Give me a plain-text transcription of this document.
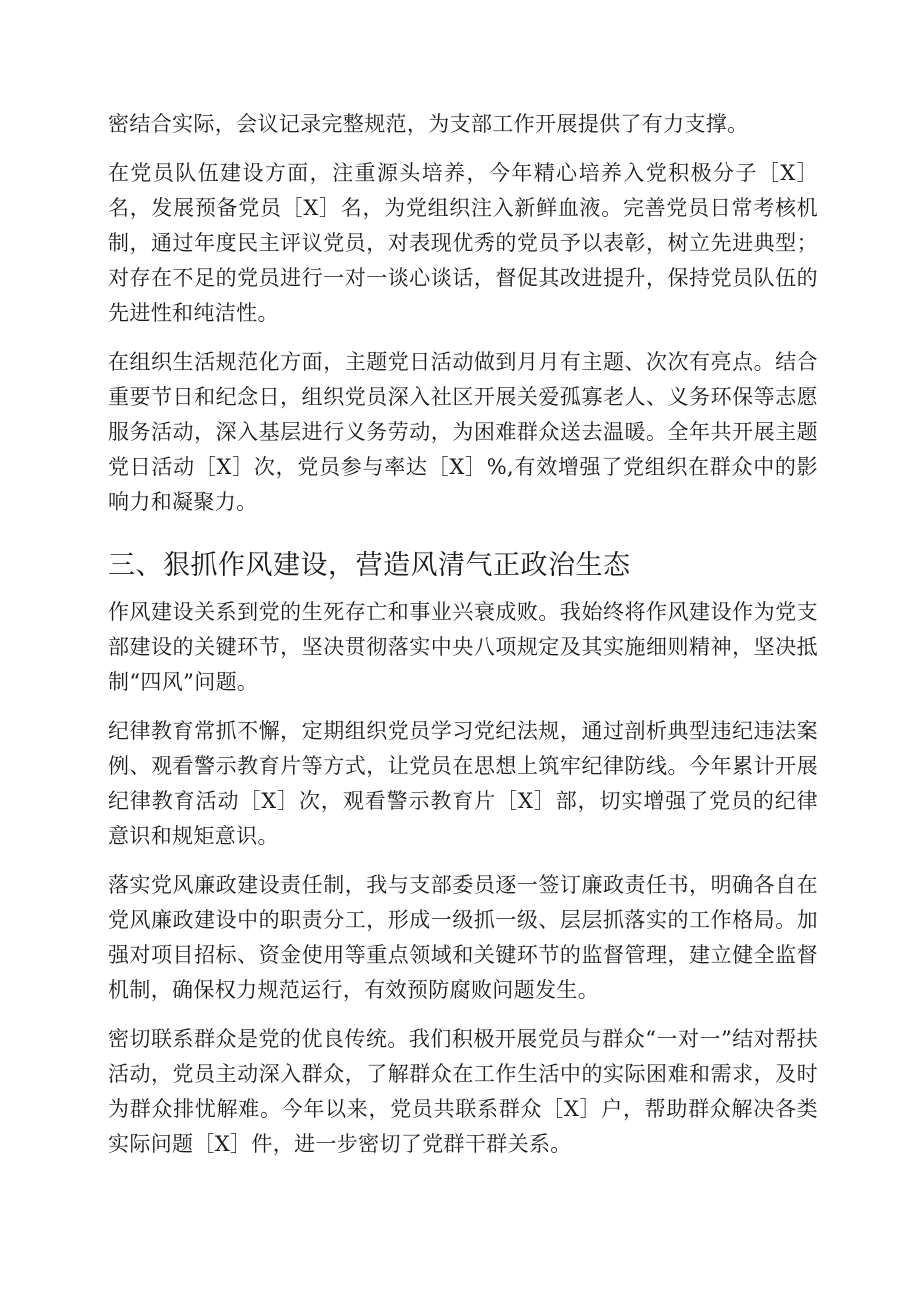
密结合实际，会议记录完整规范，为支部工作开展提供了有力支撑。

在党员队伍建设方面，注重源头培养，今年精心培养入党积极分子［X］名，发展预备党员［X］名，为党组织注入新鲜血液。完善党员日常考核机制，通过年度民主评议党员，对表现优秀的党员予以表彰，树立先进典型；对存在不足的党员进行一对一谈心谈话，督促其改进提升，保持党员队伍的先进性和纯洁性。

在组织生活规范化方面，主题党日活动做到月月有主题、次次有亮点。结合重要节日和纪念日，组织党员深入社区开展关爱孤寡老人、义务环保等志愿服务活动，深入基层进行义务劳动，为困难群众送去温暖。全年共开展主题党日活动［X］次，党员参与率达［X］%,有效增强了党组织在群众中的影响力和凝聚力。

三、狠抓作风建设，营造风清气正政治生态

作风建设关系到党的生死存亡和事业兴衰成败。我始终将作风建设作为党支部建设的关键环节，坚决贯彻落实中央八项规定及其实施细则精神，坚决抵制“四风”问题。

纪律教育常抓不懈，定期组织党员学习党纪法规，通过剖析典型违纪违法案例、观看警示教育片等方式，让党员在思想上筑牢纪律防线。今年累计开展纪律教育活动［X］次，观看警示教育片［X］部，切实增强了党员的纪律意识和规矩意识。

落实党风廉政建设责任制，我与支部委员逐一签订廉政责任书，明确各自在党风廉政建设中的职责分工，形成一级抓一级、层层抓落实的工作格局。加强对项目招标、资金使用等重点领域和关键环节的监督管理，建立健全监督机制，确保权力规范运行，有效预防腐败问题发生。

密切联系群众是党的优良传统。我们积极开展党员与群众“一对一”结对帮扶活动，党员主动深入群众，了解群众在工作生活中的实际困难和需求，及时为群众排忧解难。今年以来，党员共联系群众［X］户，帮助群众解决各类实际问题［X］件，进一步密切了党群干群关系。
